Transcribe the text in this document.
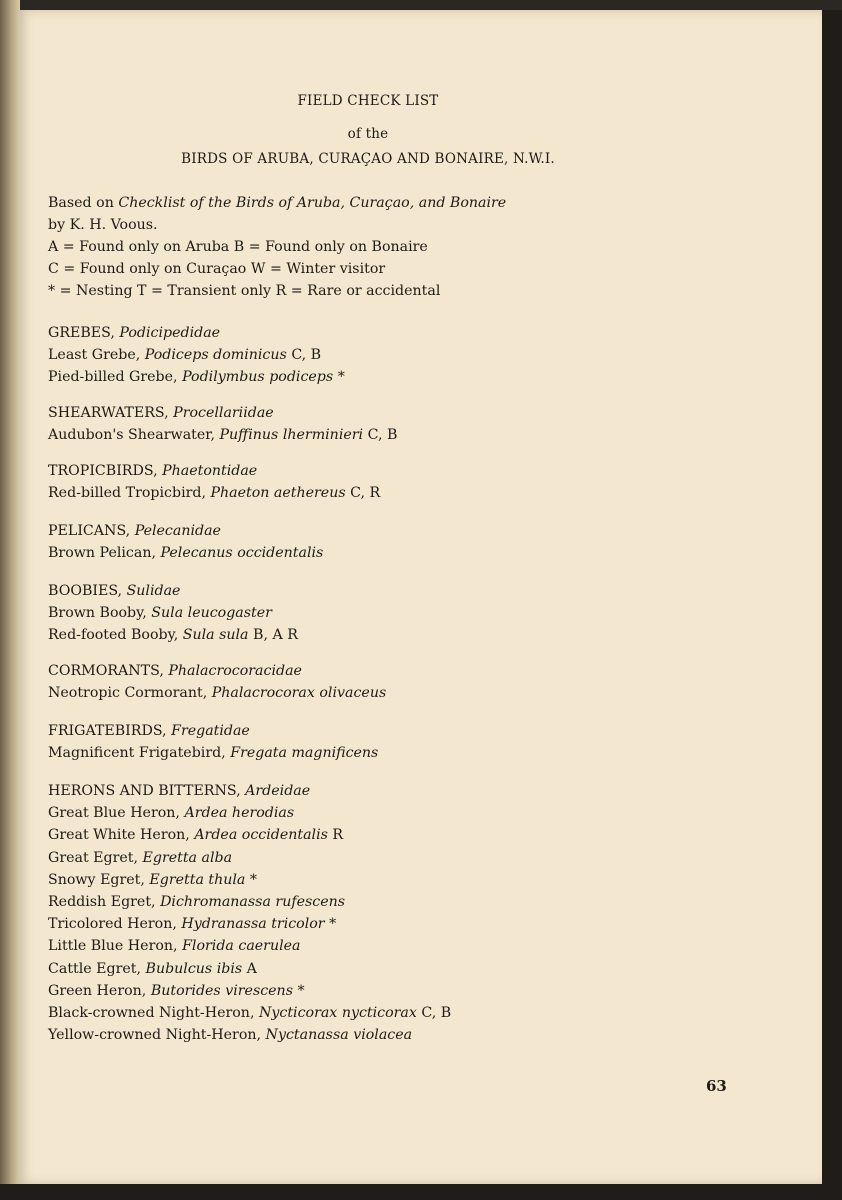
FIELD CHECK LIST
of the
BIRDS OF ARUBA, CURAÇAO AND BONAIRE, N.W.I.
Based on Checklist of the Birds of Aruba, Curaçao, and Bonaire
by K. H. Voous.
A = Found only on Aruba B = Found only on Bonaire
C = Found only on Curaçao W = Winter visitor
* = Nesting T = Transient only R = Rare or accidental
GREBES, Podicipedidae
Least Grebe, Podiceps dominicus C, B
Pied-billed Grebe, Podilymbus podiceps *
SHEARWATERS, Procellariidae
Audubon's Shearwater, Puffinus lherminieri C, B
TROPICBIRDS, Phaetontidae
Red-billed Tropicbird, Phaeton aethereus C, R
PELICANS, Pelecanidae
Brown Pelican, Pelecanus occidentalis
BOOBIES, Sulidae
Brown Booby, Sula leucogaster
Red-footed Booby, Sula sula B, A R
CORMORANTS, Phalacrocoracidae
Neotropic Cormorant, Phalacrocorax olivaceus
FRIGATEBIRDS, Fregatidae
Magnificent Frigatebird, Fregata magnificens
HERONS AND BITTERNS, Ardeidae
Great Blue Heron, Ardea herodias
Great White Heron, Ardea occidentalis R
Great Egret, Egretta alba
Snowy Egret, Egretta thula *
Reddish Egret, Dichromanassa rufescens
Tricolored Heron, Hydranassa tricolor *
Little Blue Heron, Florida caerulea
Cattle Egret, Bubulcus ibis A
Green Heron, Butorides virescens *
Black-crowned Night-Heron, Nycticorax nycticorax C, B
Yellow-crowned Night-Heron, Nyctanassa violacea
63
